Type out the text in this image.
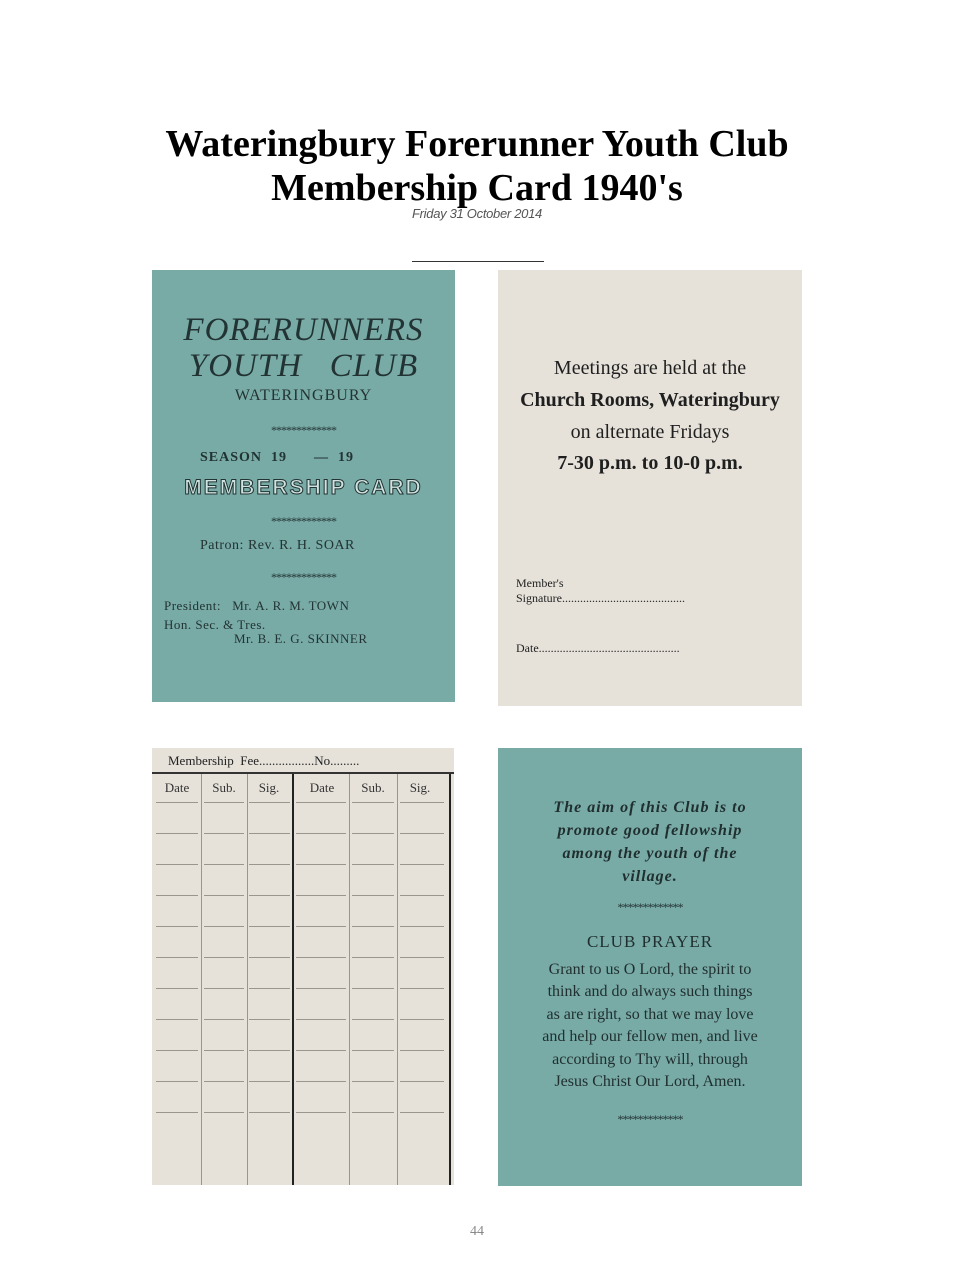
Wateringbury Forerunner Youth Club
Membership Card 1940's
Friday 31 October 2014
FORERUNNERS
YOUTH   CLUB
WATERINGBURY
*************
SEASON  19      —  19
MEMBERSHIP CARD
*************
Patron: Rev. R. H. SOAR
*************
President:   Mr. A. R. M. TOWN
Hon. Sec. & Tres.
Mr. B. E. G. SKINNER
Meetings are held at the
Church Rooms, Wateringbury
on alternate Fridays
7-30 p.m. to 10-0 p.m.
Member's
Signature.........................................
Date...............................................
Membership  Fee.................No.........
Date	Sub.	Sig.	Date	Sub.	Sig.
The aim of this Club is to
promote good fellowship
among the youth of the
village.
*************
CLUB PRAYER
Grant to us O Lord, the spirit to
think and do always such things
as are right, so that we may love
and help our fellow men, and live
according to Thy will, through
Jesus Christ Our Lord, Amen.
*************
44
